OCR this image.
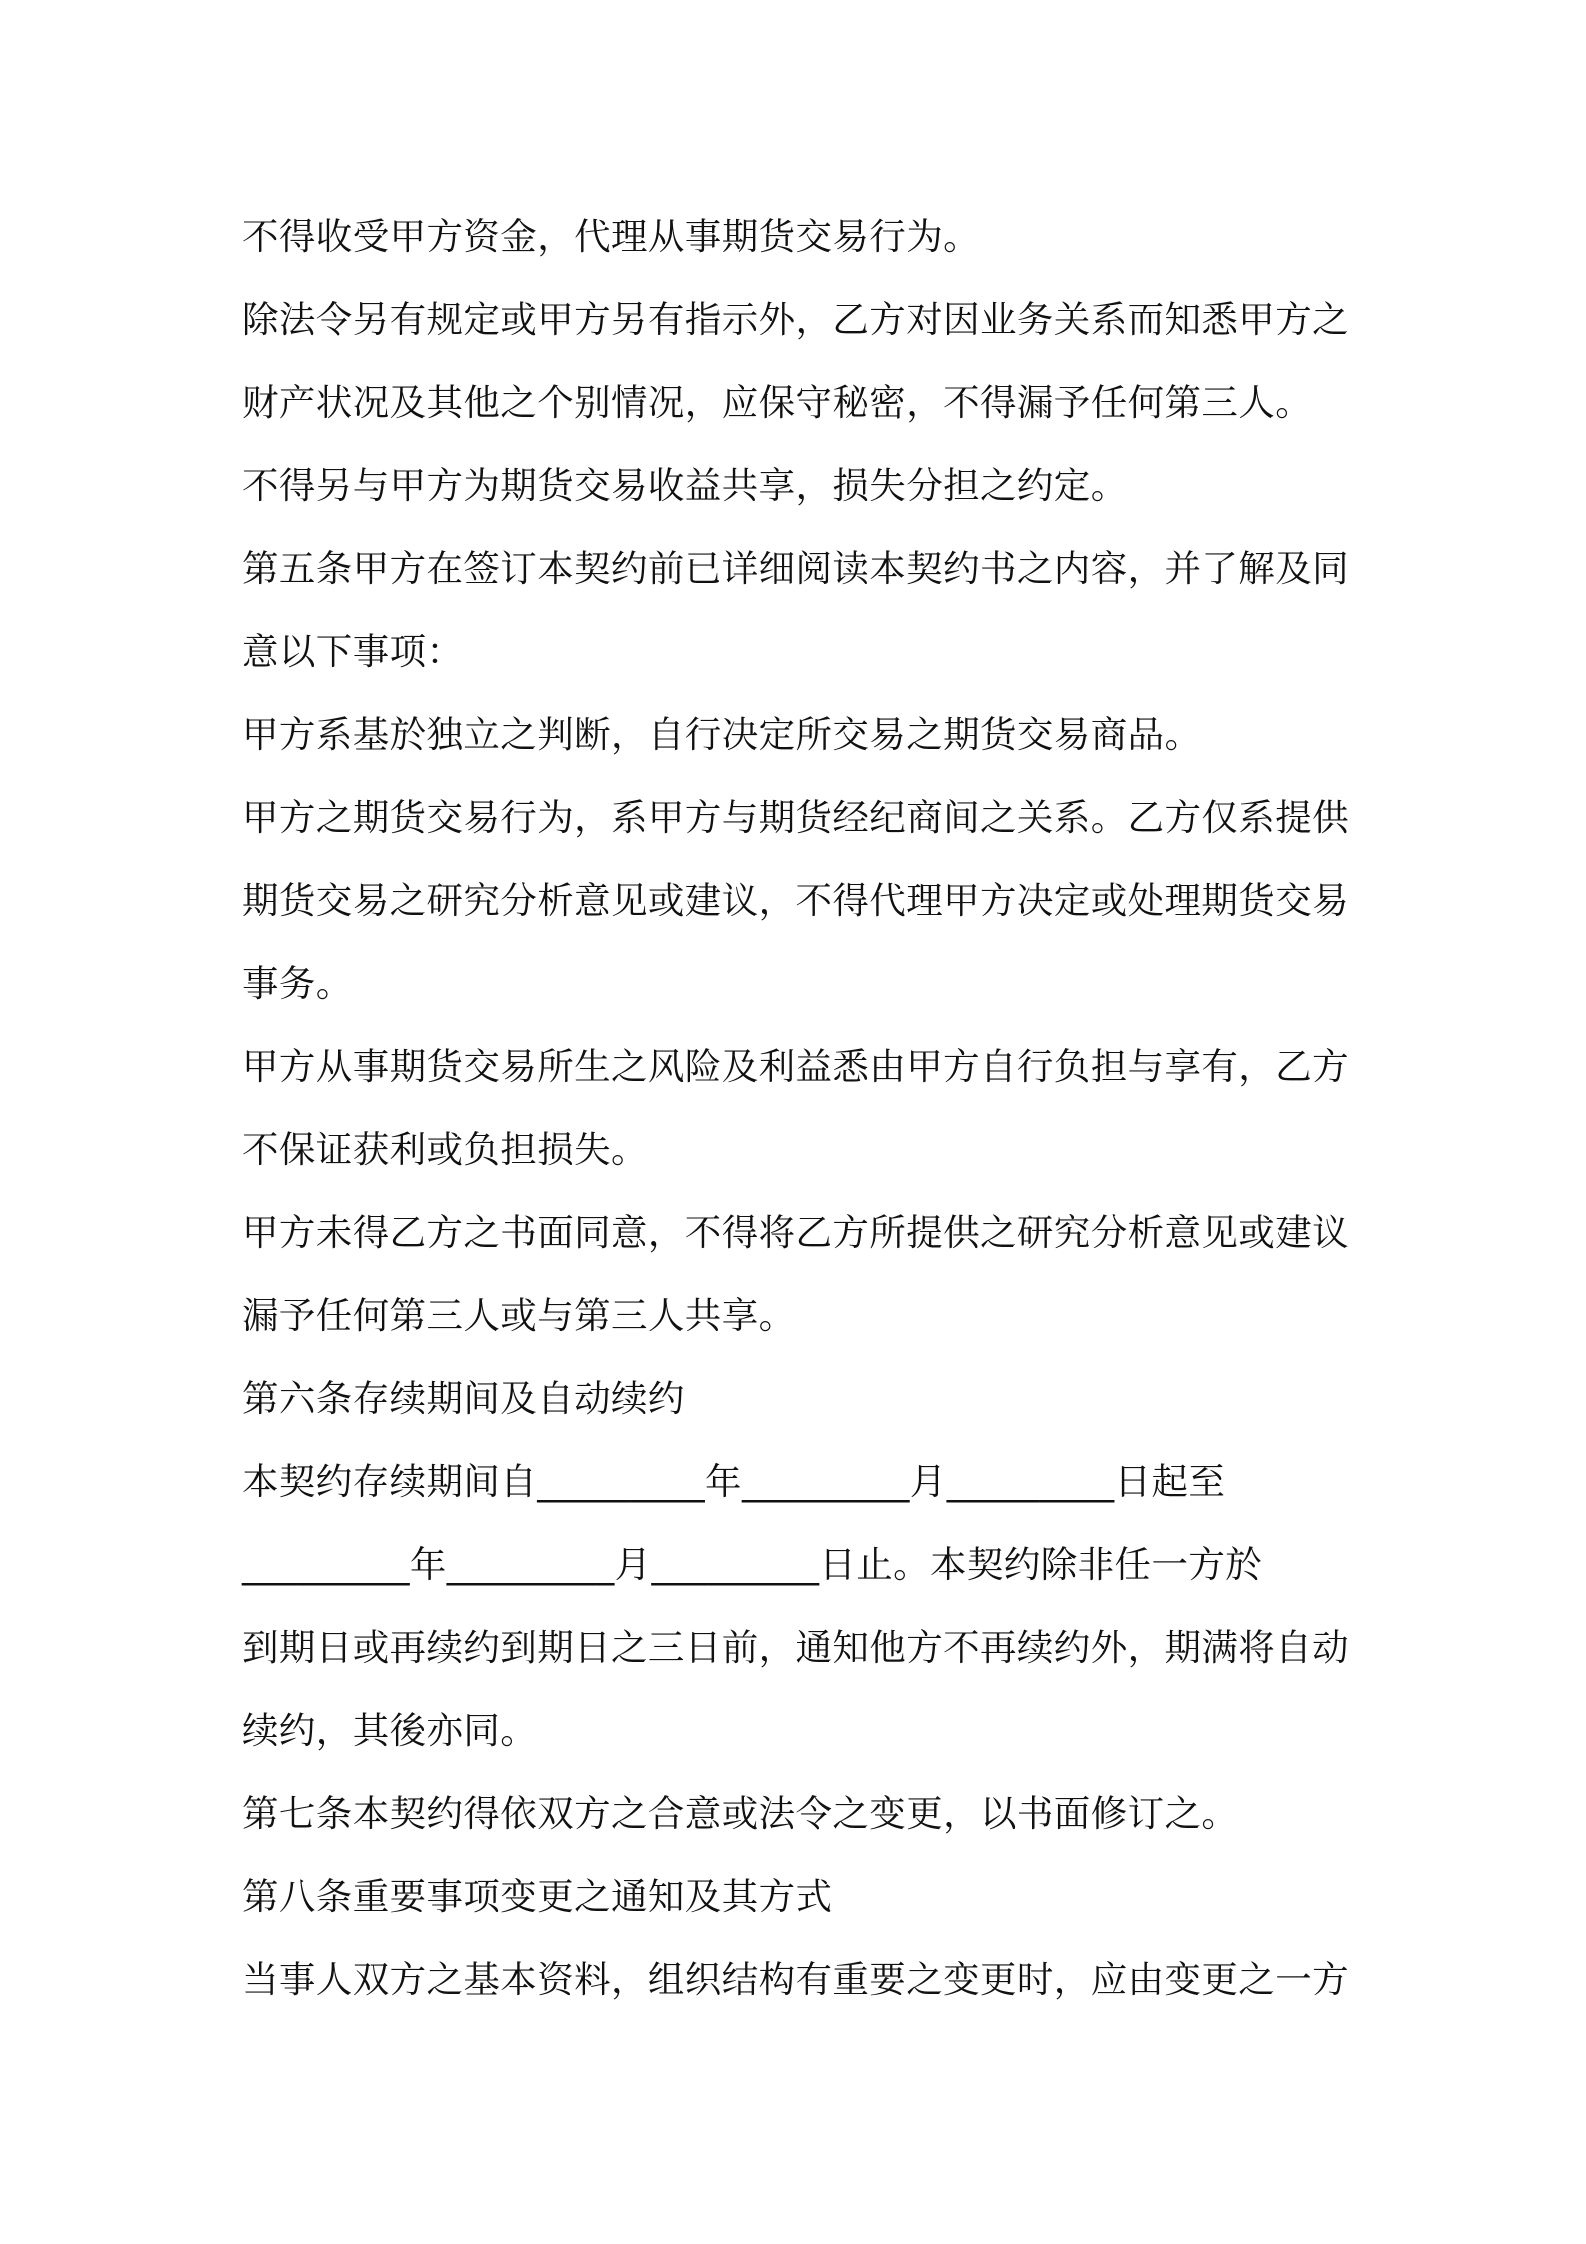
不得收受甲方资金，代理从事期货交易行为。
除法令另有规定或甲方另有指示外，乙方对因业务关系而知悉甲方之
财产状况及其他之个别情况，应保守秘密，不得漏予任何第三人。
不得另与甲方为期货交易收益共享，损失分担之约定。
第五条甲方在签订本契约前已详细阅读本契约书之内容，并了解及同
意以下事项：
甲方系基於独立之判断，自行决定所交易之期货交易商品。
甲方之期货交易行为，系甲方与期货经纪商间之关系。乙方仅系提供
期货交易之研究分析意见或建议，不得代理甲方决定或处理期货交易
事务。
甲方从事期货交易所生之风险及利益悉由甲方自行负担与享有，乙方
不保证获利或负担损失。
甲方未得乙方之书面同意，不得将乙方所提供之研究分析意见或建议
漏予任何第三人或与第三人共享。
第六条存续期间及自动续约
本契约存续期间自_________年_________月_________日起至
_________年_________月_________日止。本契约除非任一方於
到期日或再续约到期日之三日前，通知他方不再续约外，期满将自动
续约，其後亦同。
第七条本契约得依双方之合意或法令之变更，以书面修订之。
第八条重要事项变更之通知及其方式
当事人双方之基本资料，组织结构有重要之变更时，应由变更之一方
